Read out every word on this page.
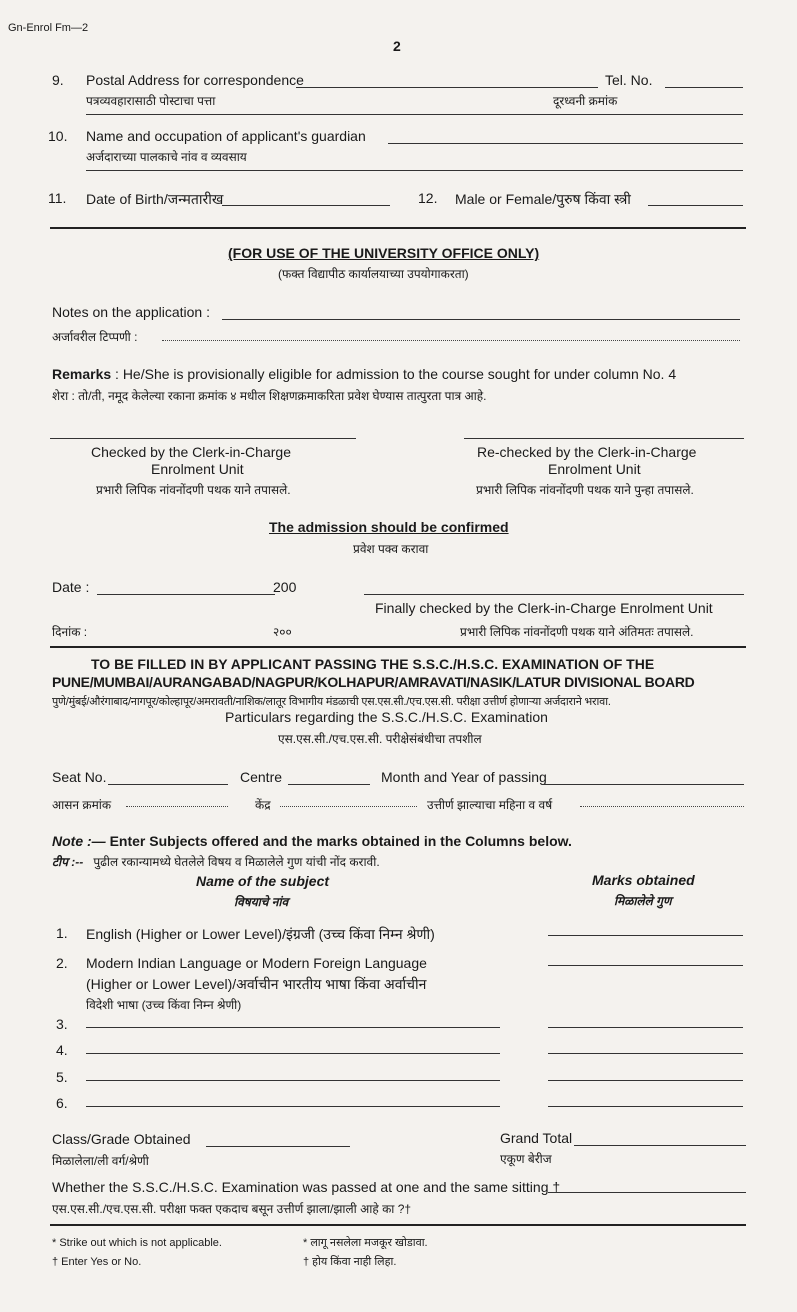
Gn-Enrol Fm—2
2
9. Postal Address for correspondence	Tel. No.
पत्रव्यवहारासाठी पोस्टाचा पत्ता	दूरध्वनी क्रमांक
10. Name and occupation of applicant's guardian
अर्जदाराच्या पालकाचे नांव व व्यवसाय
11. Date of Birth/जन्मतारीख	12. Male or Female/पुरुष किंवा स्त्री
(FOR USE OF THE UNIVERSITY OFFICE ONLY)
(फक्त विद्यापीठ कार्यालयाच्या उपयोगाकरता)
Notes on the application :
अर्जावरील टिप्पणी :
Remarks : He/She is provisionally eligible for admission to the course sought for under column No. 4
शेरा : तो/ती, नमूद केलेल्या रकाना क्रमांक ४ मधील शिक्षणक्रमाकरिता प्रवेश घेण्यास तात्पुरता पात्र आहे.
Checked by the Clerk-in-Charge
Enrolment Unit
प्रभारी लिपिक नांवनोंदणी पथक याने तपासले.
Re-checked by the Clerk-in-Charge
Enrolment Unit
प्रभारी लिपिक नांवनोंदणी पथक याने पुन्हा तपासले.
The admission should be confirmed
प्रवेश पक्व करावा
Date :	200
Finally checked by the Clerk-in-Charge Enrolment Unit
दिनांक :	२००	प्रभारी लिपिक नांवनोंदणी पथक याने अंतिमतः तपासले.
TO BE FILLED IN BY APPLICANT PASSING THE S.S.C./H.S.C. EXAMINATION OF THE
PUNE/MUMBAI/AURANGABAD/NAGPUR/KOLHAPUR/AMRAVATI/NASIK/LATUR DIVISIONAL BOARD
पुणे/मुंबई/औरंगाबाद/नागपूर/कोल्हापूर/अमरावती/नाशिक/लातूर विभागीय मंडळाची एस.एस.सी./एच.एस.सी. परीक्षा उत्तीर्ण होणाऱ्या अर्जदाराने भरावा.
Particulars regarding the S.S.C./H.S.C. Examination
एस.एस.सी./एच.एस.सी. परीक्षेसंबंधीचा तपशील
Seat No.	Centre	Month and Year of passing
आसन क्रमांक	केंद्र	उत्तीर्ण झाल्याचा महिना व वर्ष
Note :— Enter Subjects offered and the marks obtained in the Columns below.
टीप :-- पुढील रकान्यामध्ये घेतलेले विषय व मिळालेले गुण यांची नोंद करावी.
Name of the subject
विषयाचे नांव
Marks obtained
मिळालेले गुण
1. English (Higher or Lower Level)/इंग्रजी (उच्च किंवा निम्न श्रेणी)
2. Modern Indian Language or Modern Foreign Language
(Higher or Lower Level)/अर्वाचीन भारतीय भाषा किंवा अर्वाचीन
विदेशी भाषा (उच्च किंवा निम्न श्रेणी)
3.
4.
5.
6.
Class/Grade Obtained	Grand Total
मिळालेला/ली वर्ग/श्रेणी	एकूण बेरीज
Whether the S.S.C./H.S.C. Examination was passed at one and the same sitting †
एस.एस.सी./एच.एस.सी. परीक्षा फक्त एकदाच बसून उत्तीर्ण झाला/झाली आहे का ?†
* Strike out which is not applicable.
† Enter Yes or No.
* लागू नसलेला मजकूर खोडावा.
† होय किंवा नाही लिहा.
